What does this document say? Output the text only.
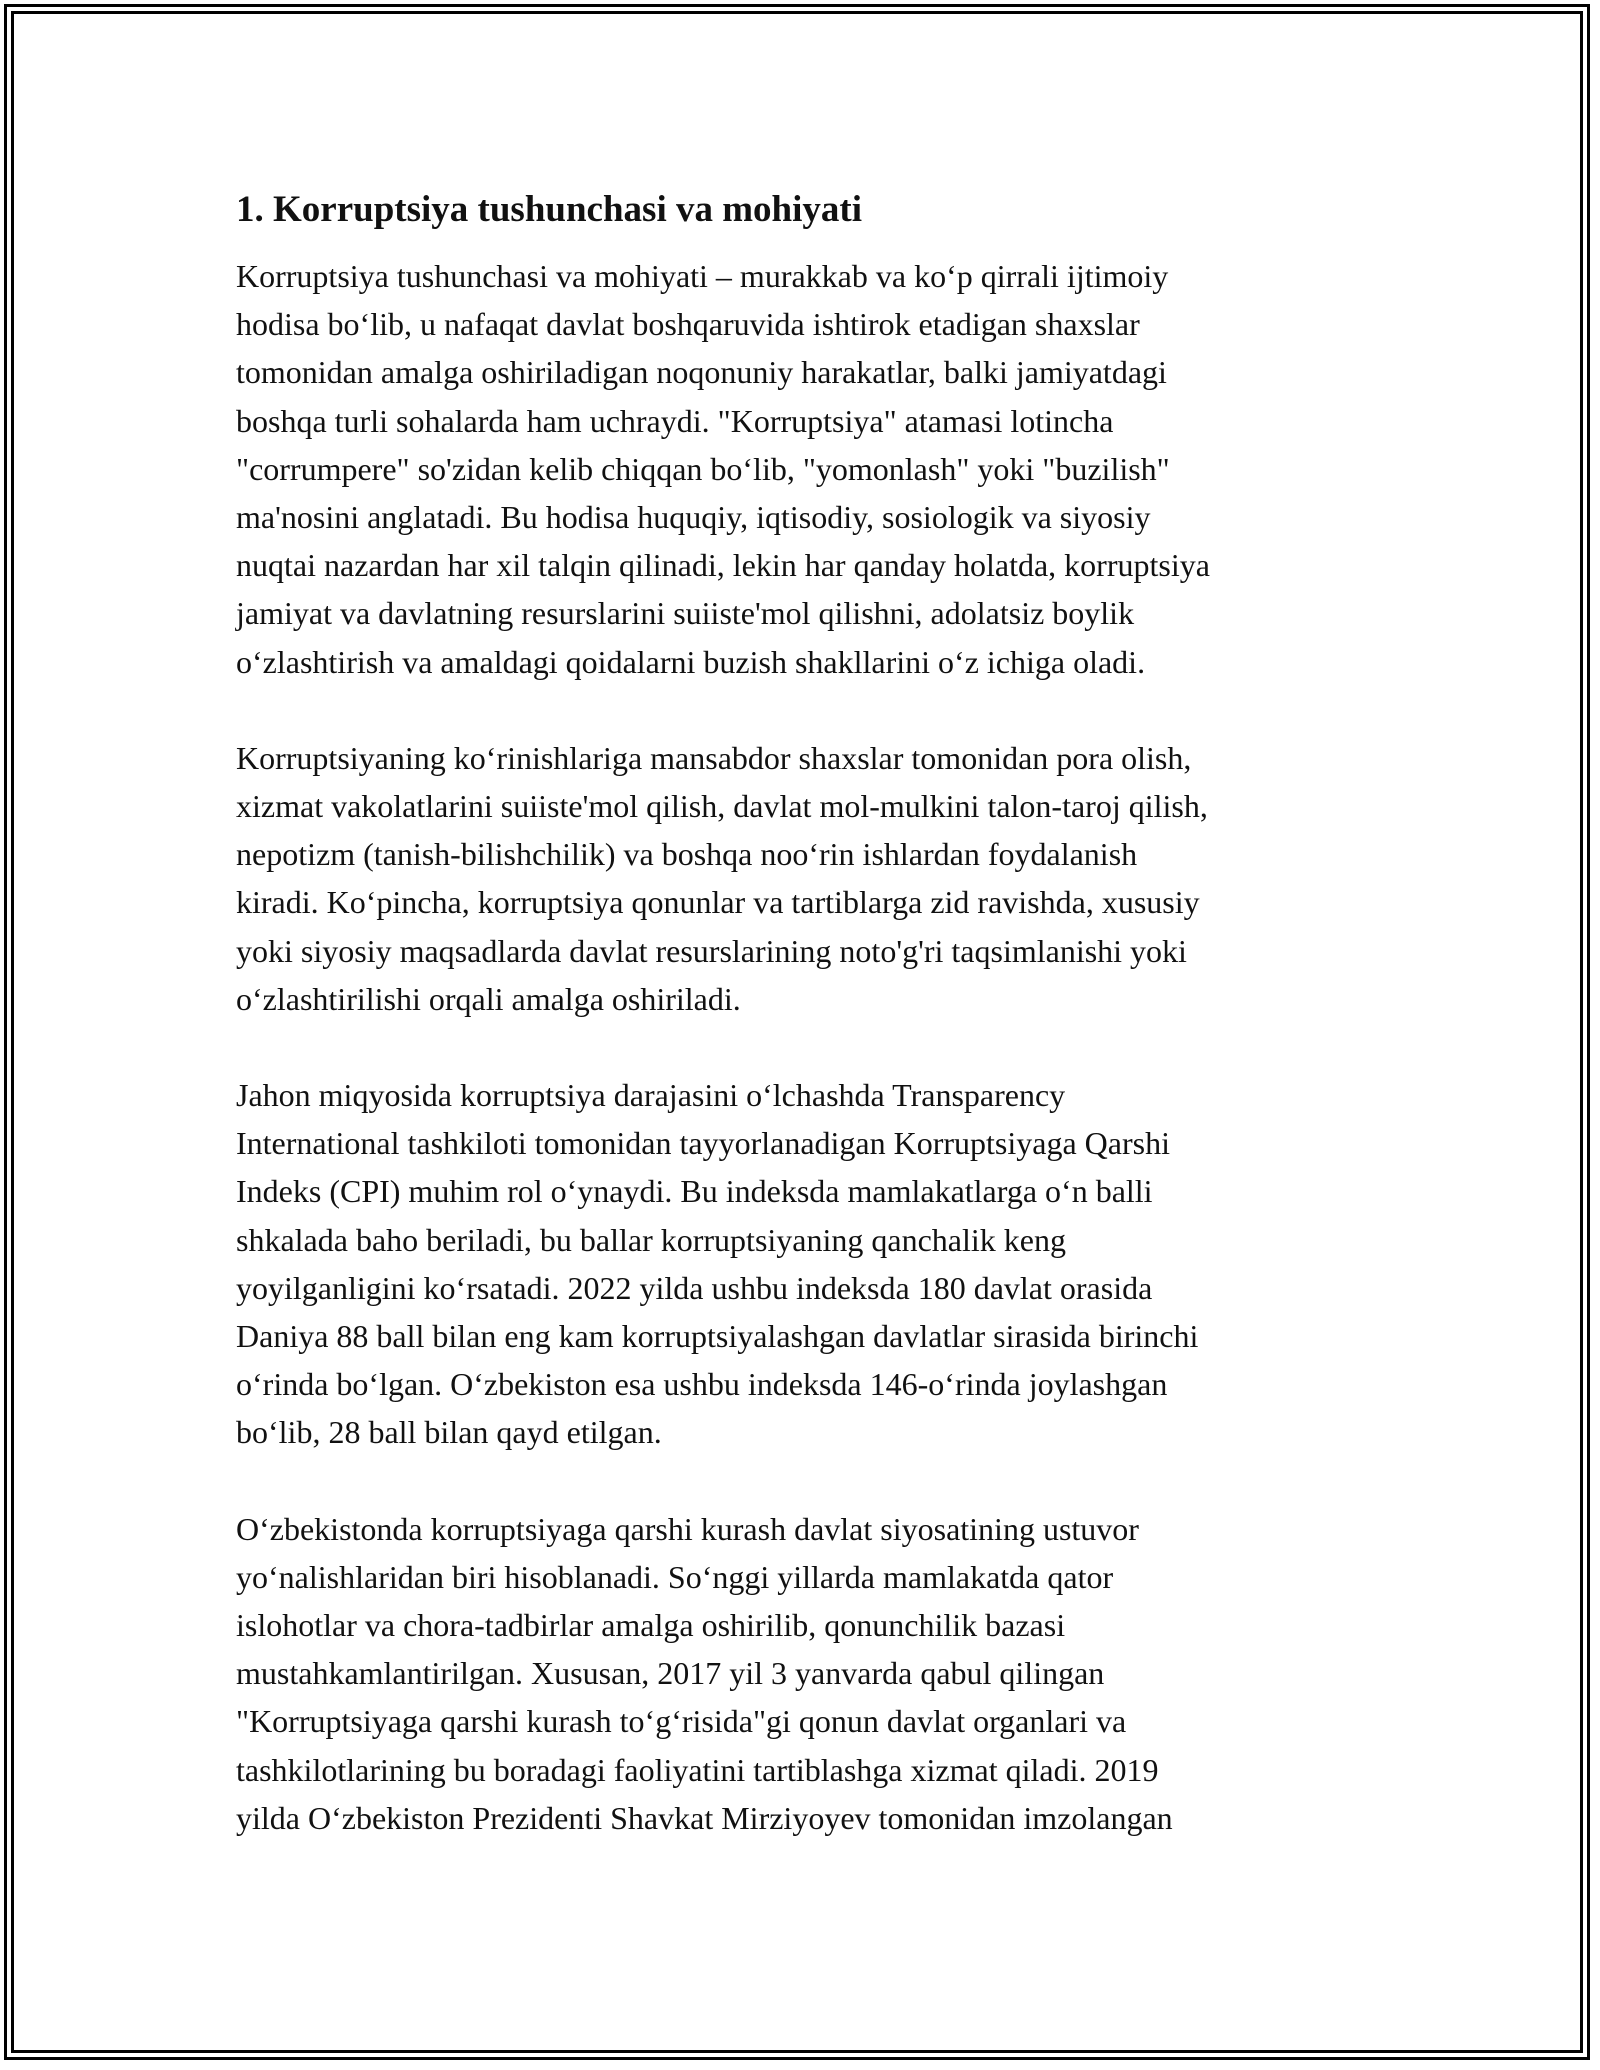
1. Korruptsiya tushunchasi va mohiyati
Korruptsiya tushunchasi va mohiyati – murakkab va ko‘p qirrali ijtimoiy
hodisa bo‘lib, u nafaqat davlat boshqaruvida ishtirok etadigan shaxslar
tomonidan amalga oshiriladigan noqonuniy harakatlar, balki jamiyatdagi
boshqa turli sohalarda ham uchraydi. "Korruptsiya" atamasi lotincha
"corrumpere" so'zidan kelib chiqqan bo‘lib, "yomonlash" yoki "buzilish"
ma'nosini anglatadi. Bu hodisa huquqiy, iqtisodiy, sosiologik va siyosiy
nuqtai nazardan har xil talqin qilinadi, lekin har qanday holatda, korruptsiya
jamiyat va davlatning resurslarini suiiste'mol qilishni, adolatsiz boylik
o‘zlashtirish va amaldagi qoidalarni buzish shakllarini o‘z ichiga oladi.
Korruptsiyaning ko‘rinishlariga mansabdor shaxslar tomonidan pora olish,
xizmat vakolatlarini suiiste'mol qilish, davlat mol-mulkini talon-taroj qilish,
nepotizm (tanish-bilishchilik) va boshqa noo‘rin ishlardan foydalanish
kiradi. Ko‘pincha, korruptsiya qonunlar va tartiblarga zid ravishda, xususiy
yoki siyosiy maqsadlarda davlat resurslarining noto'g'ri taqsimlanishi yoki
o‘zlashtirilishi orqali amalga oshiriladi.
Jahon miqyosida korruptsiya darajasini o‘lchashda Transparency
International tashkiloti tomonidan tayyorlanadigan Korruptsiyaga Qarshi
Indeks (CPI) muhim rol o‘ynaydi. Bu indeksda mamlakatlarga o‘n balli
shkalada baho beriladi, bu ballar korruptsiyaning qanchalik keng
yoyilganligini ko‘rsatadi. 2022 yilda ushbu indeksda 180 davlat orasida
Daniya 88 ball bilan eng kam korruptsiyalashgan davlatlar sirasida birinchi
o‘rinda bo‘lgan. O‘zbekiston esa ushbu indeksda 146-o‘rinda joylashgan
bo‘lib, 28 ball bilan qayd etilgan.
O‘zbekistonda korruptsiyaga qarshi kurash davlat siyosatining ustuvor
yo‘nalishlaridan biri hisoblanadi. So‘nggi yillarda mamlakatda qator
islohotlar va chora-tadbirlar amalga oshirilib, qonunchilik bazasi
mustahkamlantirilgan. Xususan, 2017 yil 3 yanvarda qabul qilingan
"Korruptsiyaga qarshi kurash to‘g‘risida"gi qonun davlat organlari va
tashkilotlarining bu boradagi faoliyatini tartiblashga xizmat qiladi. 2019
yilda O‘zbekiston Prezidenti Shavkat Mirziyoyev tomonidan imzolangan
